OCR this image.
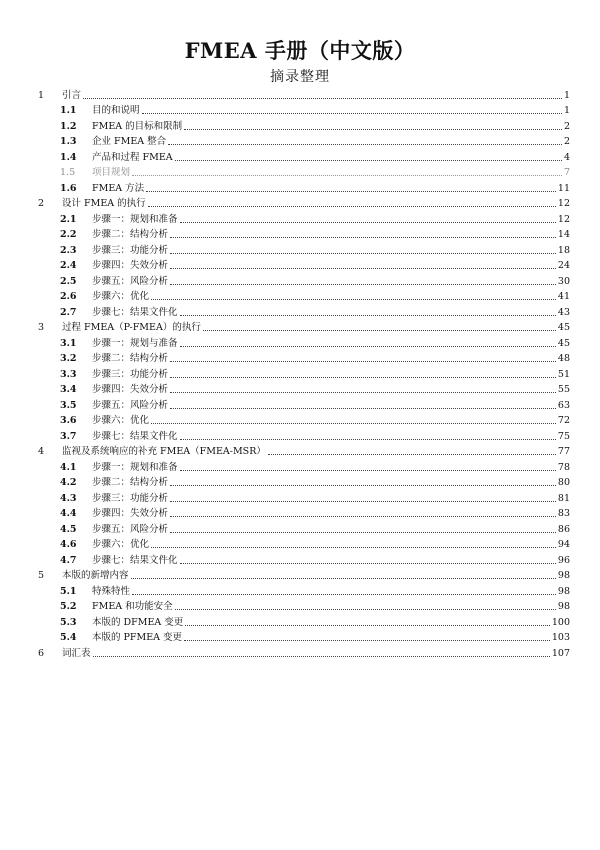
FMEA 手册（中文版）
摘录整理
1	引言	1
1.1	目的和说明	1
1.2	FMEA 的目标和限制	2
1.3	企业 FMEA 整合	2
1.4	产品和过程 FMEA	4
1.5	项目规划	7
1.6	FMEA 方法	11
2	设计 FMEA 的执行	12
2.1	步骤一：规划和准备	12
2.2	步骤二：结构分析	14
2.3	步骤三：功能分析	18
2.4	步骤四：失效分析	24
2.5	步骤五：风险分析	30
2.6	步骤六：优化	41
2.7	步骤七：结果文件化	43
3	过程 FMEA（P-FMEA）的执行	45
3.1	步骤一：规划与准备	45
3.2	步骤二：结构分析	48
3.3	步骤三：功能分析	51
3.4	步骤四：失效分析	55
3.5	步骤五：风险分析	63
3.6	步骤六：优化	72
3.7	步骤七：结果文件化	75
4	监视及系统响应的补充 FMEA（FMEA-MSR）	77
4.1	步骤一：规划和准备	78
4.2	步骤二：结构分析	80
4.3	步骤三：功能分析	81
4.4	步骤四：失效分析	83
4.5	步骤五：风险分析	86
4.6	步骤六：优化	94
4.7	步骤七：结果文件化	96
5	本版的新增内容	98
5.1	特殊特性	98
5.2	FMEA 和功能安全	98
5.3	本版的 DFMEA 变更	100
5.4	本版的 PFMEA 变更	103
6	词汇表	107
